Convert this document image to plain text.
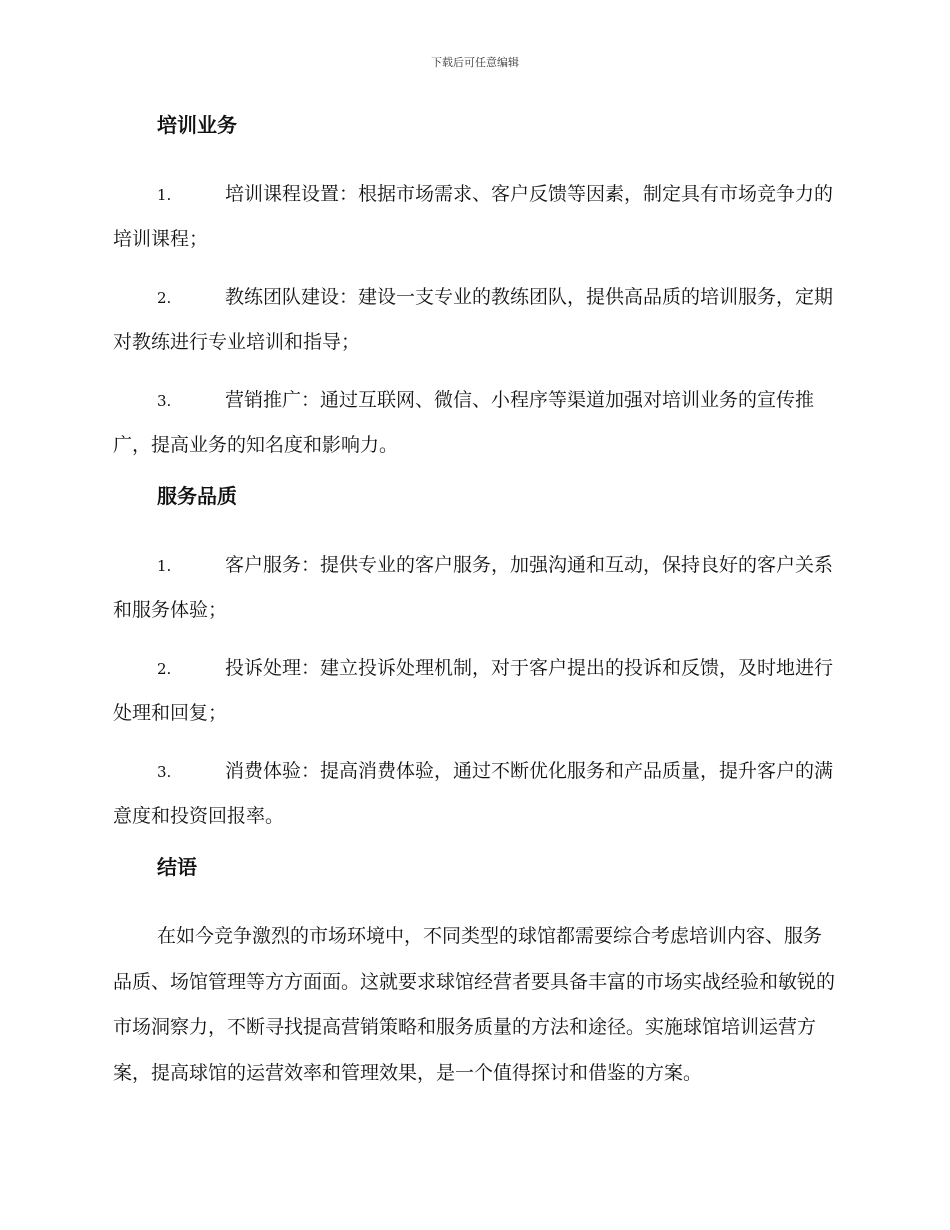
下载后可任意编辑
培训业务

1.	培训课程设置：根据市场需求、客户反馈等因素，制定具有市场竞争力的培训课程；

2.	教练团队建设：建设一支专业的教练团队，提供高品质的培训服务，定期对教练进行专业培训和指导；

3.	营销推广：通过互联网、微信、小程序等渠道加强对培训业务的宣传推广，提高业务的知名度和影响力。

服务品质

1.	客户服务：提供专业的客户服务，加强沟通和互动，保持良好的客户关系和服务体验；

2.	投诉处理：建立投诉处理机制，对于客户提出的投诉和反馈，及时地进行处理和回复；

3.	消费体验：提高消费体验，通过不断优化服务和产品质量，提升客户的满意度和投资回报率。

结语

在如今竞争激烈的市场环境中，不同类型的球馆都需要综合考虑培训内容、服务品质、场馆管理等方方面面。这就要求球馆经营者要具备丰富的市场实战经验和敏锐的市场洞察力，不断寻找提高营销策略和服务质量的方法和途径。实施球馆培训运营方案，提高球馆的运营效率和管理效果，是一个值得探讨和借鉴的方案。
